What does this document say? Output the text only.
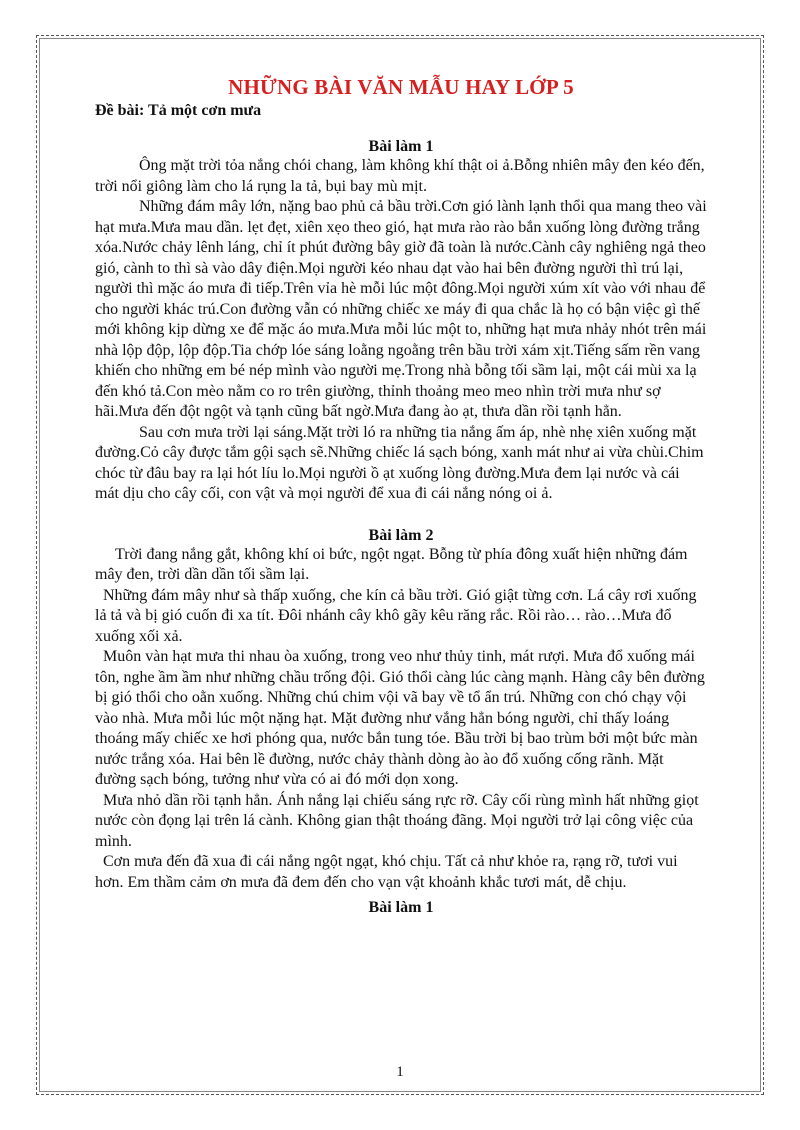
NHỮNG BÀI VĂN MẪU HAY LỚP 5
Đề bài: Tả một cơn mưa
Bài làm 1

Ông mặt trời tỏa nắng chói chang, làm không khí thật oi ả.Bỗng nhiên mây đen kéo đến, trời nổi giông làm cho lá rụng la tả, bụi bay mù mịt.

Những đám mây lớn, nặng bao phủ cả bầu trời.Cơn gió lành lạnh thổi qua mang theo vài hạt mưa.Mưa mau dần. lẹt đẹt, xiên xẹo theo gió, hạt mưa rào rào bắn xuống lòng đường trắng xóa.Nước chảy lênh láng, chỉ ít phút đường bây giờ đã toàn là nước.Cành cây nghiêng ngả theo gió, cành to thì sà vào dây điện.Mọi người kéo nhau dạt vào hai bên đường người thì trú lại, người thì mặc áo mưa đi tiếp.Trên vỉa hè mỗi lúc một đông.Mọi người xúm xít vào với nhau để cho người khác trú.Con đường vẫn có những chiếc xe máy đi qua chắc là họ có bận việc gì thế mới không kịp dừng xe để mặc áo mưa.Mưa mỗi lúc một to, những hạt mưa nhảy nhót trên mái nhà lộp độp, lộp độp.Tia chớp lóe sáng loằng ngoằng trên bầu trời xám xịt.Tiếng sấm rền vang khiến cho những em bé nép mình vào người mẹ.Trong nhà bỗng tối sầm lại, một cái mùi xa lạ đến khó tả.Con mèo nằm co ro trên giường, thỉnh thoảng meo meo nhìn trời mưa như sợ hãi.Mưa đến đột ngột và tạnh cũng bất ngờ.Mưa đang ào ạt, thưa dần rồi tạnh hẳn.

Sau cơn mưa trời lại sáng.Mặt trời ló ra những tia nắng ấm áp, nhè nhẹ xiên xuống mặt đường.Cỏ cây được tắm gội sạch sẽ.Những chiếc lá sạch bóng, xanh mát như ai vừa chùi.Chim chóc từ đâu bay ra lại hót líu lo.Mọi người ồ ạt xuống lòng đường.Mưa đem lại nước và cái mát dịu cho cây cối, con vật và mọi người để xua đi cái nắng nóng oi ả.

Bài làm 2

Trời đang nắng gắt, không khí oi bức, ngột ngạt. Bỗng từ phía đông xuất hiện những đám mây đen, trời dần dần tối sầm lại.

Những đám mây như sà thấp xuống, che kín cả bầu trời. Gió giật từng cơn. Lá cây rơi xuống lả tả và bị gió cuốn đi xa tít. Đôi nhánh cây khô gãy kêu răng rắc. Rồi rào… rào…Mưa đổ xuống xối xả.

Muôn vàn hạt mưa thi nhau òa xuống, trong veo như thủy tinh, mát rượi. Mưa đổ xuống mái tôn, nghe ầm ầm như những chầu trống đội. Gió thổi càng lúc càng mạnh. Hàng cây bên đường bị gió thổi cho oằn xuống. Những chú chim vội vã bay về tổ ẩn trú. Những con chó chạy vội vào nhà. Mưa mỗi lúc một nặng hạt. Mặt đường như vắng hẳn bóng người, chỉ thấy loáng thoáng mấy chiếc xe hơi phóng qua, nước bắn tung tóe. Bầu trời bị bao trùm bởi một bức màn nước trắng xóa. Hai bên lề đường, nước chảy thành dòng ào ào đổ xuống cống rãnh. Mặt đường sạch bóng, tưởng như vừa có ai đó mới dọn xong.

Mưa nhỏ dần rồi tạnh hẳn. Ánh nắng lại chiếu sáng rực rỡ. Cây cối rùng mình hất những giọt nước còn đọng lại trên lá cành. Không gian thật thoáng đãng. Mọi người trở lại công việc của mình.

Cơn mưa đến đã xua đi cái nắng ngột ngạt, khó chịu. Tất cả như khỏe ra, rạng rỡ, tươi vui hơn. Em thầm cảm ơn mưa đã đem đến cho vạn vật khoảnh khắc tươi mát, dễ chịu.

Bài làm 1
1
